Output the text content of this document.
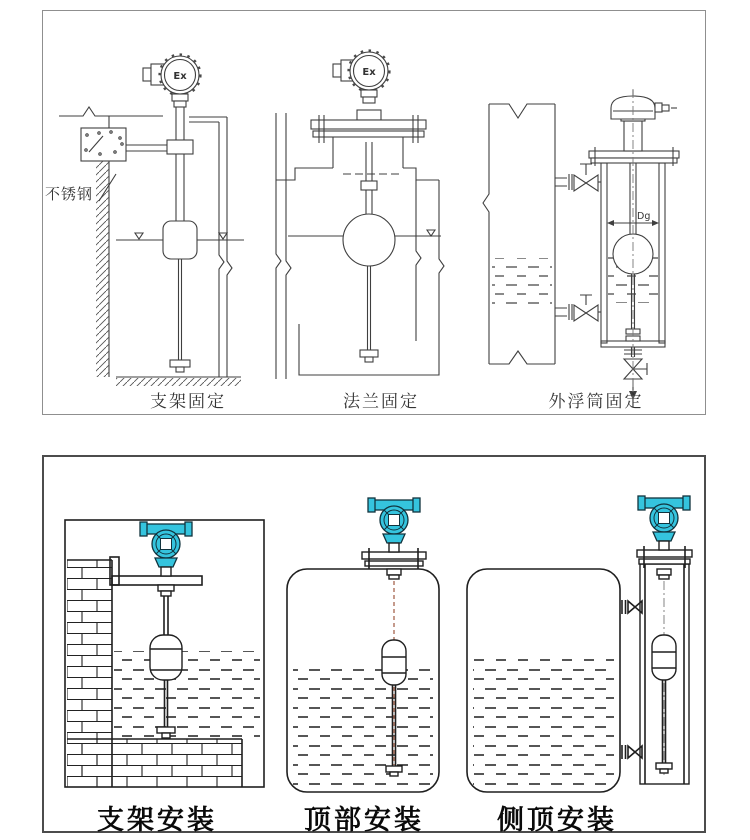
Ex	Ex
Dg
不锈钢
支架固定	法兰固定	外浮筒固定
支架安装	顶部安装	侧顶安装
